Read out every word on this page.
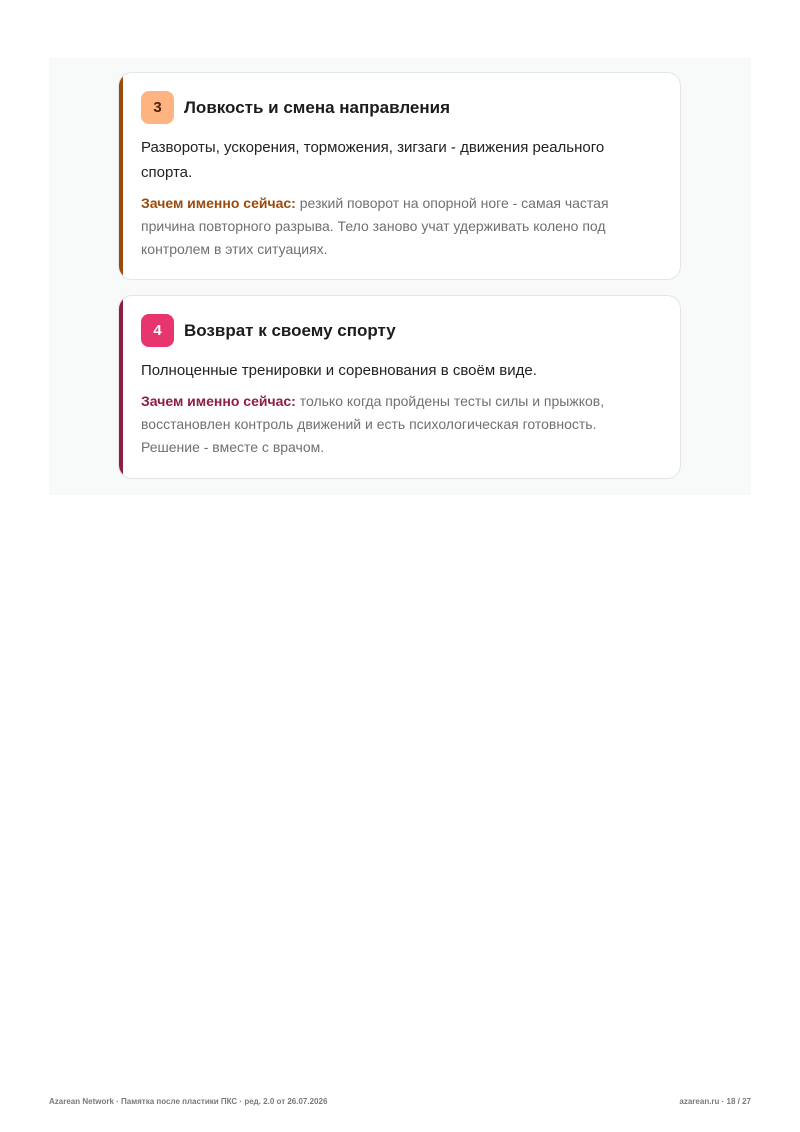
3	Ловкость и смена направления

Развороты, ускорения, торможения, зигзаги - движения реального спорта.

Зачем именно сейчас: резкий поворот на опорной ноге - самая частая причина повторного разрыва. Тело заново учат удерживать колено под контролем в этих ситуациях.

4	Возврат к своему спорту

Полноценные тренировки и соревнования в своём виде.

Зачем именно сейчас: только когда пройдены тесты силы и прыжков, восстановлен контроль движений и есть психологическая готовность. Решение - вместе с врачом.

Azarean Network · Памятка после пластики ПКС · ред. 2.0 от 26.07.2026	azarean.ru · 18 / 27
